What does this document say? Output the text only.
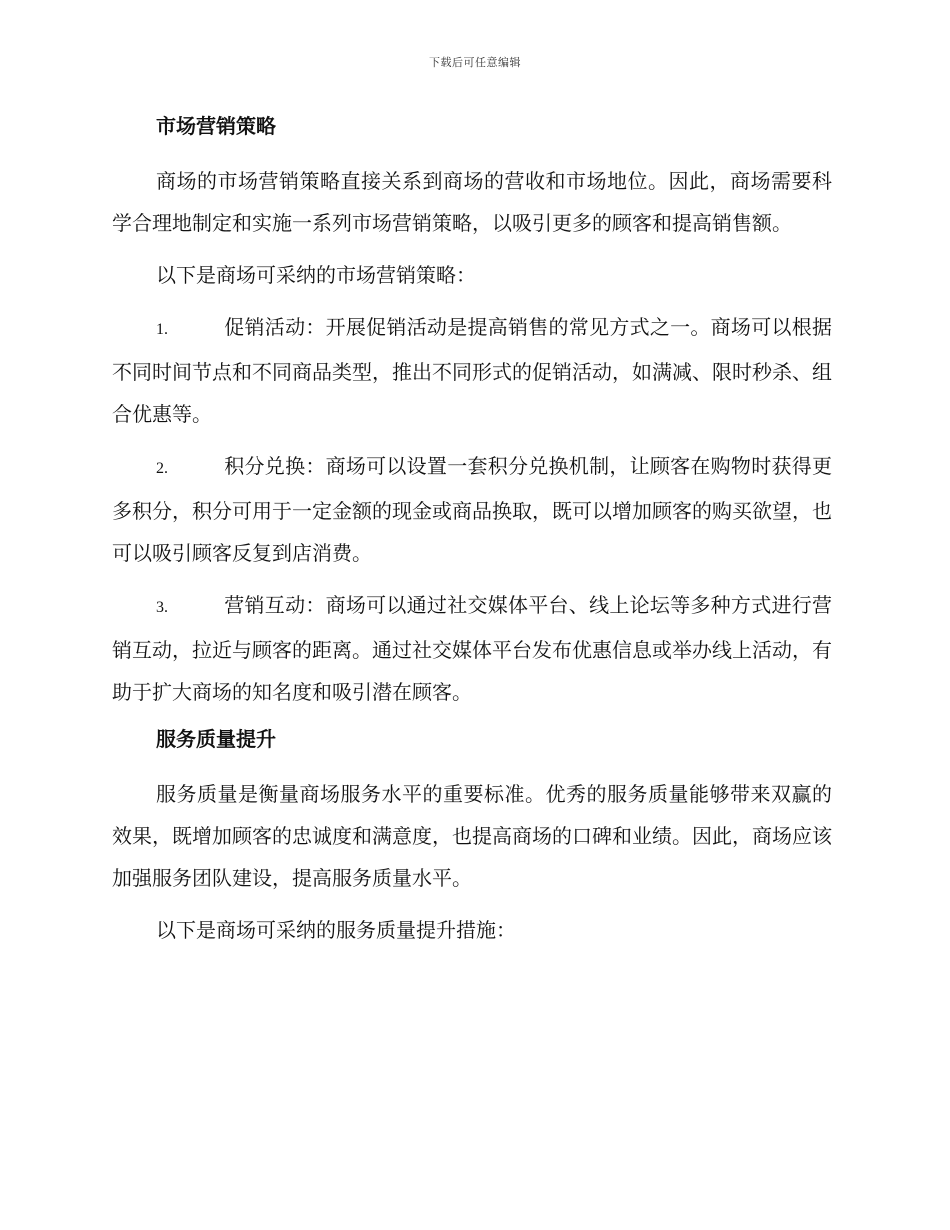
下载后可任意编辑
市场营销策略

商场的市场营销策略直接关系到商场的营收和市场地位。因此，商场需要科学合理地制定和实施一系列市场营销策略，以吸引更多的顾客和提高销售额。

以下是商场可采纳的市场营销策略：

1.	促销活动：开展促销活动是提高销售的常见方式之一。商场可以根据不同时间节点和不同商品类型，推出不同形式的促销活动，如满减、限时秒杀、组合优惠等。

2.	积分兑换：商场可以设置一套积分兑换机制，让顾客在购物时获得更多积分，积分可用于一定金额的现金或商品换取，既可以增加顾客的购买欲望，也可以吸引顾客反复到店消费。

3.	营销互动：商场可以通过社交媒体平台、线上论坛等多种方式进行营销互动，拉近与顾客的距离。通过社交媒体平台发布优惠信息或举办线上活动，有助于扩大商场的知名度和吸引潜在顾客。

服务质量提升

服务质量是衡量商场服务水平的重要标准。优秀的服务质量能够带来双赢的效果，既增加顾客的忠诚度和满意度，也提高商场的口碑和业绩。因此，商场应该加强服务团队建设，提高服务质量水平。

以下是商场可采纳的服务质量提升措施：
